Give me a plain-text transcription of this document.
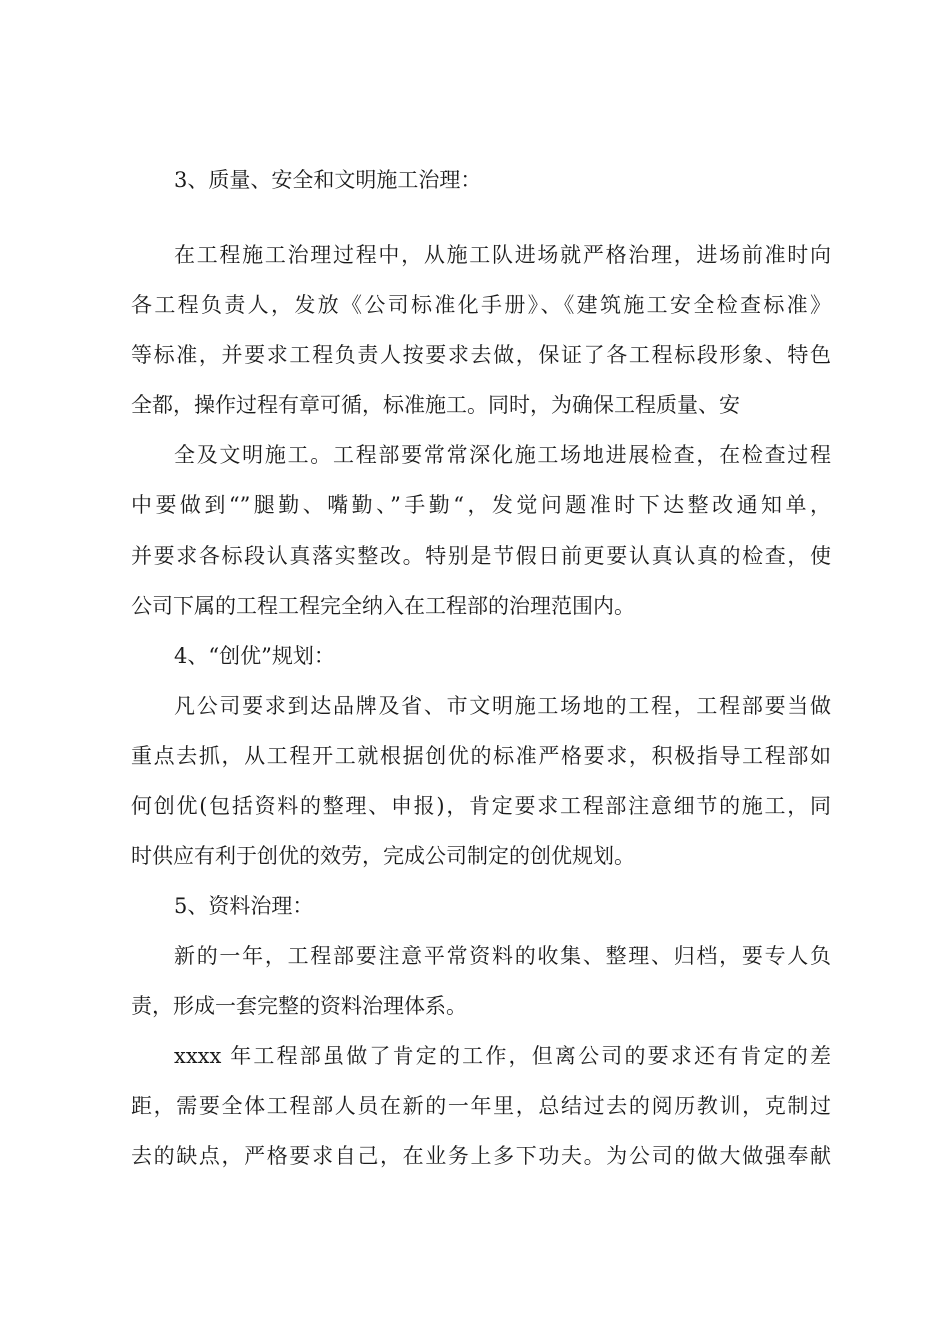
3、质量、安全和文明施工治理：
在工程施工治理过程中，从施工队进场就严格治理，进场前准时向
各工程负责人，发放《公司标准化手册》、《建筑施工安全检查标准》
等标准，并要求工程负责人按要求去做，保证了各工程标段形象、特色
全都，操作过程有章可循，标准施工。同时，为确保工程质量、安
全及文明施工。工程部要常常深化施工场地进展检查，在检查过程
中要做到“”腿勤、嘴勤、”手勤“，发觉问题准时下达整改通知单，
并要求各标段认真落实整改。特别是节假日前更要认真认真的检查，使
公司下属的工程工程完全纳入在工程部的治理范围内。
4、“创优”规划：
凡公司要求到达品牌及省、市文明施工场地的工程，工程部要当做
重点去抓，从工程开工就根据创优的标准严格要求，积极指导工程部如
何创优(包括资料的整理、申报)，肯定要求工程部注意细节的施工，同
时供应有利于创优的效劳，完成公司制定的创优规划。
5、资料治理：
新的一年，工程部要注意平常资料的收集、整理、归档，要专人负
责，形成一套完整的资料治理体系。
xxxx 年工程部虽做了肯定的工作，但离公司的要求还有肯定的差
距，需要全体工程部人员在新的一年里，总结过去的阅历教训，克制过
去的缺点，严格要求自己，在业务上多下功夫。为公司的做大做强奉献
